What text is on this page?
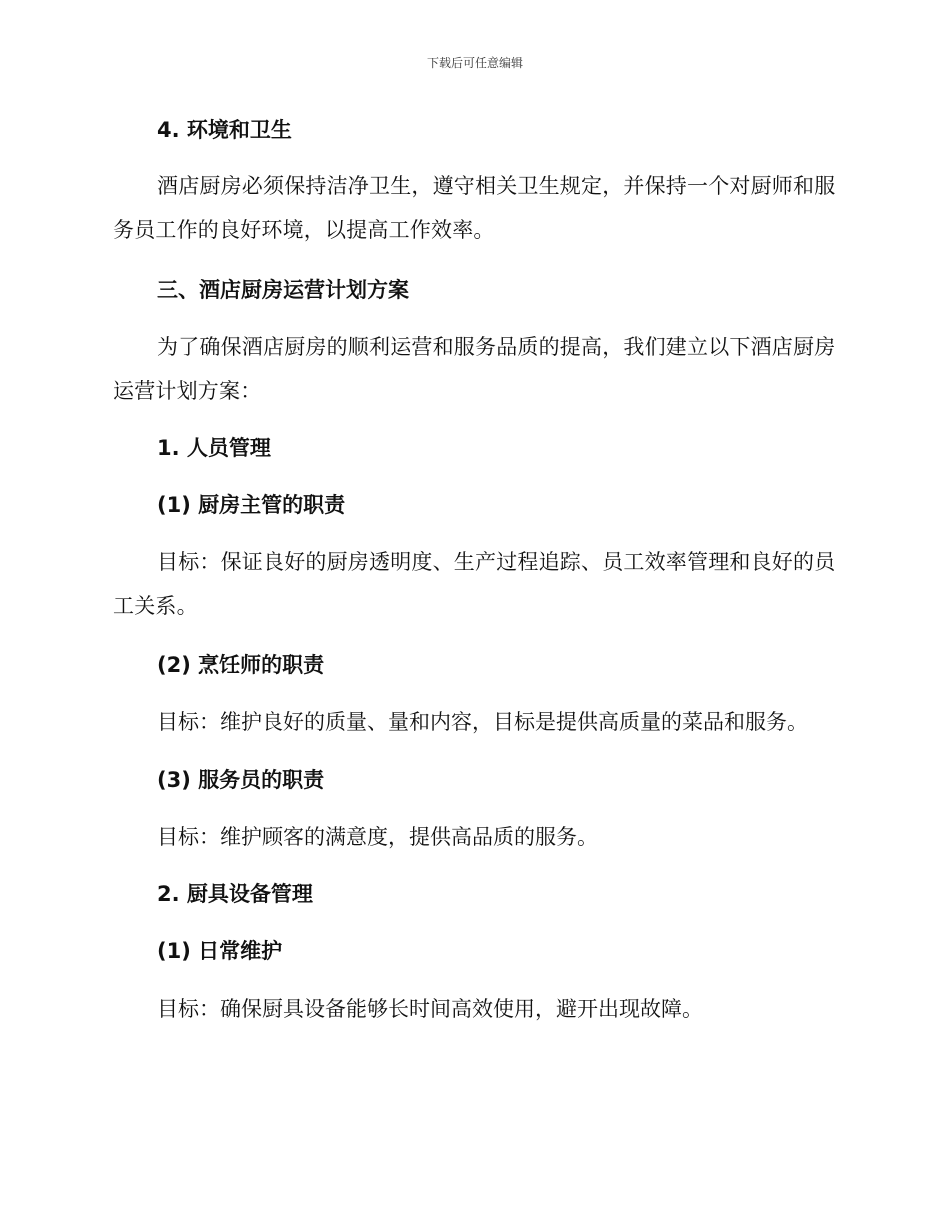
下载后可任意编辑
4. 环境和卫生

酒店厨房必须保持洁净卫生，遵守相关卫生规定，并保持一个对厨师和服务员工作的良好环境，以提高工作效率。

三、酒店厨房运营计划方案

为了确保酒店厨房的顺利运营和服务品质的提高，我们建立以下酒店厨房运营计划方案：

1. 人员管理
(1) 厨房主管的职责

目标：保证良好的厨房透明度、生产过程追踪、员工效率管理和良好的员工关系。

(2) 烹饪师的职责

目标：维护良好的质量、量和内容，目标是提供高质量的菜品和服务。

(3) 服务员的职责

目标：维护顾客的满意度，提供高品质的服务。

2. 厨具设备管理
(1) 日常维护

目标：确保厨具设备能够长时间高效使用，避开出现故障。
